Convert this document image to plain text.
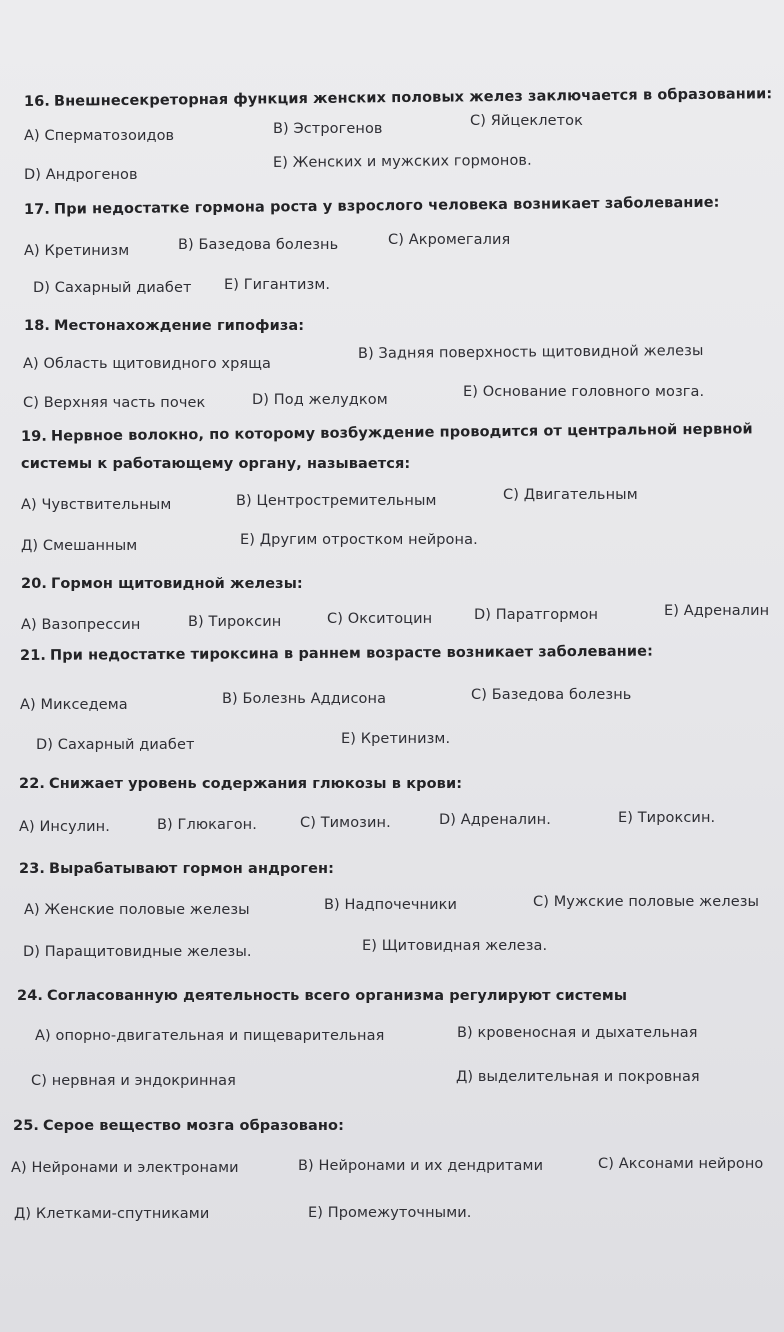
16. Внешнесекреторная функция женских половых желез заключается в образовании:
А) Сперматозоидов	В) Эстрогенов	С) Яйцеклеток
D) Андрогенов
Е) Женских и мужских гормонов.
17. При недостатке гормона роста у взрослого человека возникает заболевание:
А) Кретинизм	В) Базедова болезнь	С) Акромегалия
D) Сахарный диабет Е) Гигантизм.
18. Местонахождение гипофиза:
А) Область щитовидного хряща
В) Задняя поверхность щитовидной железы
С) Верхняя часть почек	D) Под желудком	Е) Основание головного мозга.
19. Нервное волокно, по которому возбуждение проводится от центральной нервной
системы к работающему органу, называется:
А) Чувствительным	В) Центростремительным	С) Двигательным
Д) Смешанным	Е) Другим отростком нейрона.
20. Гормон щитовидной железы:
А) Вазопрессин	В) Тироксин	С) Окситоцин	D) Паратгормон	Е) Адреналин
21. При недостатке тироксина в раннем возрасте возникает заболевание:
А) Микседема	В) Болезнь Аддисона	С) Базедова болезнь
D) Сахарный диабет	Е) Кретинизм.
22. Снижает уровень содержания глюкозы в крови:
А) Инсулин.	В) Глюкагон.	С) Тимозин.	D) Адреналин.	Е) Тироксин.
23. Вырабатывают гормон андроген:
А) Женские половые железы	В) Надпочечники	С) Мужские половые железы
D) Паращитовидные железы.	Е) Щитовидная железа.
24. Согласованную деятельность всего организма регулируют системы
А) опорно-двигательная и пищеварительная	В) кровеносная и дыхательная
С) нервная и эндокринная	Д) выделительная и покровная
25. Серое вещество мозга образовано:
А) Нейронами и электронами	В) Нейронами и их дендритами	С) Аксонами нейроно
Д) Клетками-спутниками	Е) Промежуточными.
